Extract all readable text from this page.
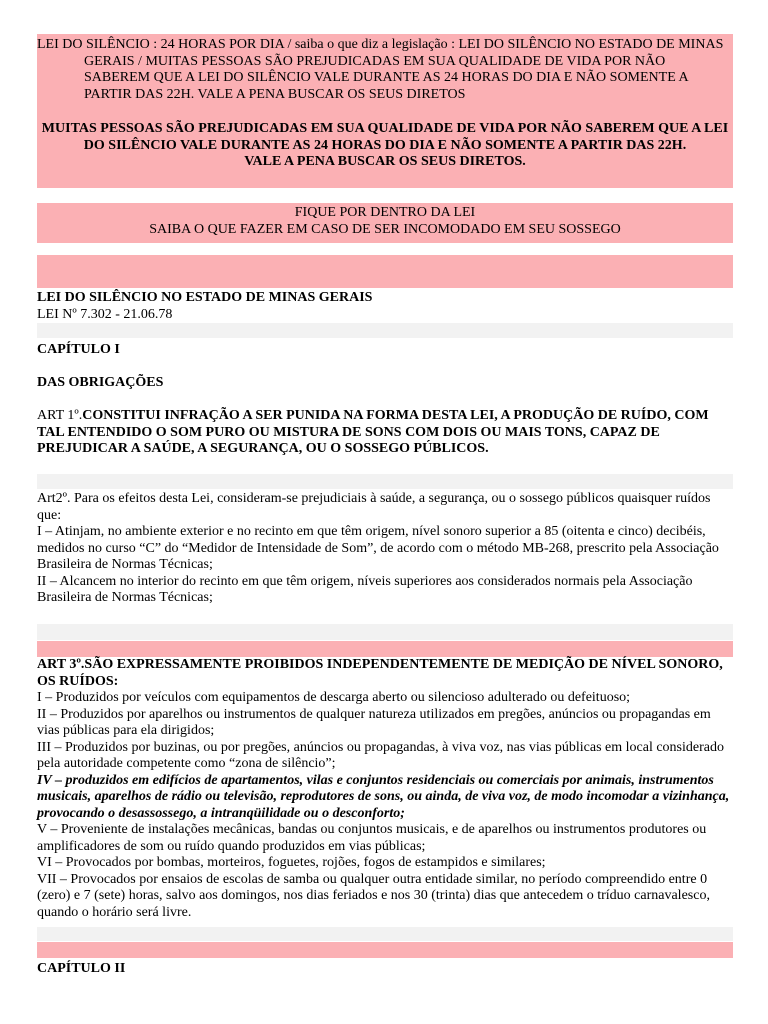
LEI DO SILÊNCIO : 24 HORAS POR DIA / saiba o que diz a legislação : LEI DO SILÊNCIO NO ESTADO DE MINAS GERAIS / MUITAS PESSOAS SÃO PREJUDICADAS EM SUA QUALIDADE DE VIDA POR NÃO SABEREM QUE A LEI DO SILÊNCIO VALE DURANTE AS 24 HORAS DO DIA E NÃO SOMENTE A PARTIR DAS 22H. VALE A PENA BUSCAR OS SEUS DIRETOS

MUITAS PESSOAS SÃO PREJUDICADAS EM SUA QUALIDADE DE VIDA POR NÃO SABEREM QUE A LEI DO SILÊNCIO VALE DURANTE AS 24 HORAS DO DIA E NÃO SOMENTE A PARTIR DAS 22H.

VALE A PENA BUSCAR OS SEUS DIRETOS.

FIQUE POR DENTRO DA LEI

SAIBA O QUE FAZER EM CASO DE SER INCOMODADO EM SEU SOSSEGO

LEI DO SILÊNCIO NO ESTADO DE MINAS GERAIS

LEI Nº 7.302 - 21.06.78

CAPÍTULO I

DAS OBRIGAÇÕES

ART 1º.CONSTITUI INFRAÇÃO A SER PUNIDA NA FORMA DESTA LEI, A PRODUÇÃO DE RUÍDO, COM TAL ENTENDIDO O SOM PURO OU MISTURA DE SONS COM DOIS OU MAIS TONS, CAPAZ DE PREJUDICAR A SAÚDE, A SEGURANÇA, OU O SOSSEGO PÚBLICOS.

Art2º. Para os efeitos desta Lei, consideram-se prejudiciais à saúde, a segurança, ou o sossego públicos quaisquer ruídos que:

I – Atinjam, no ambiente exterior e no recinto em que têm origem, nível sonoro superior a 85 (oitenta e cinco) decibéis, medidos no curso “C” do “Medidor de Intensidade de Som”, de acordo com o método MB-268, prescrito pela Associação Brasileira de Normas Técnicas;

II – Alcancem no interior do recinto em que têm origem, níveis superiores aos considerados normais pela Associação Brasileira de Normas Técnicas;

ART 3º.SÃO EXPRESSAMENTE PROIBIDOS INDEPENDENTEMENTE DE MEDIÇÃO DE NÍVEL SONORO, OS RUÍDOS:

I – Produzidos por veículos com equipamentos de descarga aberto ou silencioso adulterado ou defeituoso;

II – Produzidos por aparelhos ou instrumentos de qualquer natureza utilizados em pregões, anúncios ou propagandas em vias públicas para ela dirigidos;

III – Produzidos por buzinas, ou por pregões, anúncios ou propagandas, à viva voz, nas vias públicas em local considerado pela autoridade competente como “zona de silêncio”;

IV – produzidos em edifícios de apartamentos, vilas e conjuntos residenciais ou comerciais por animais, instrumentos musicais, aparelhos de rádio ou televisão, reprodutores de sons, ou ainda, de viva voz, de modo incomodar a vizinhança, provocando o desassossego, a intranqüilidade ou o desconforto;

V – Proveniente de instalações mecânicas, bandas ou conjuntos musicais, e de aparelhos ou instrumentos produtores ou amplificadores de som ou ruído quando produzidos em vias públicas;

VI – Provocados por bombas, morteiros, foguetes, rojões, fogos de estampidos e similares;

VII – Provocados por ensaios de escolas de samba ou qualquer outra entidade similar, no período compreendido entre 0 (zero) e 7 (sete) horas, salvo aos domingos, nos dias feriados e nos 30 (trinta) dias que antecedem o tríduo carnavalesco, quando o horário será livre.

CAPÍTULO II
